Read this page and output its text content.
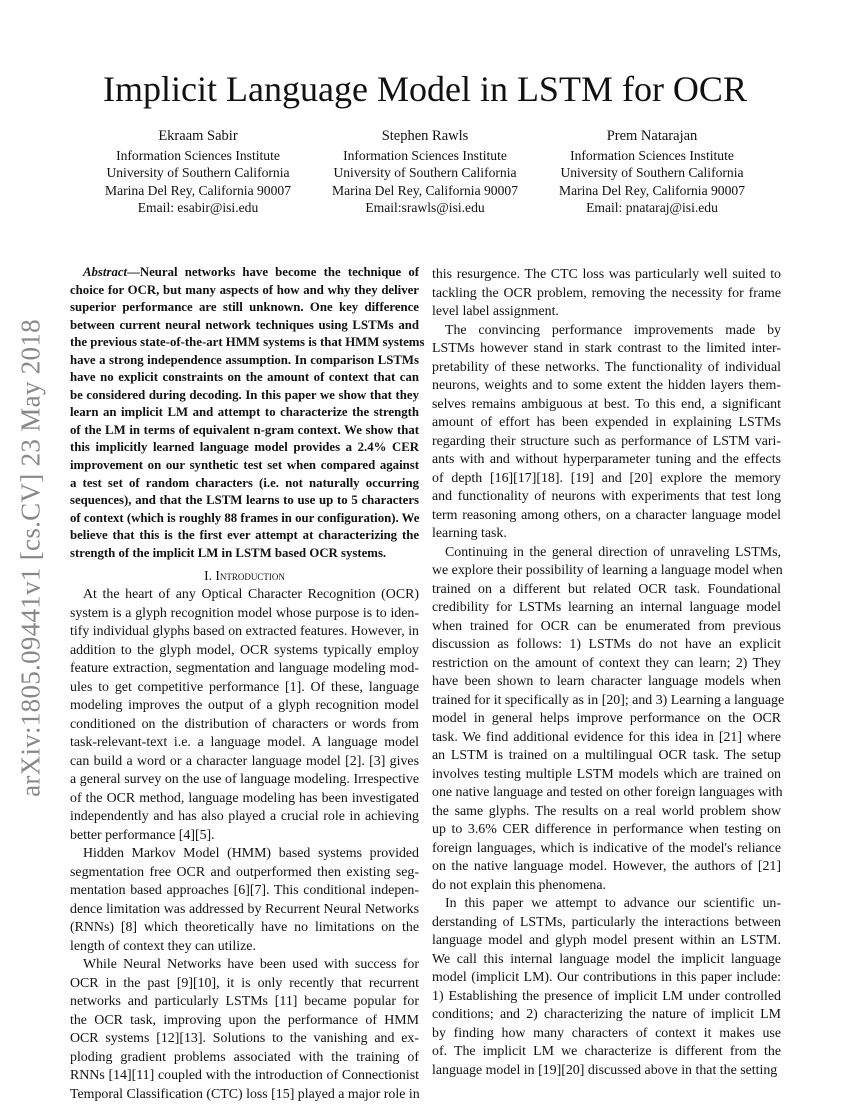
Implicit Language Model in LSTM for OCR
Ekraam Sabir
Information Sciences Institute
University of Southern California
Marina Del Rey, California 90007
Email: esabir@isi.edu
Stephen Rawls
Information Sciences Institute
University of Southern California
Marina Del Rey, California 90007
Email:srawls@isi.edu
Prem Natarajan
Information Sciences Institute
University of Southern California
Marina Del Rey, California 90007
Email: pnataraj@isi.edu
arXiv:1805.09441v1 [cs.CV] 23 May 2018
Abstract—Neural networks have become the technique of
choice for OCR, but many aspects of how and why they deliver
superior performance are still unknown. One key difference
between current neural network techniques using LSTMs and
the previous state-of-the-art HMM systems is that HMM systems
have a strong independence assumption. In comparison LSTMs
have no explicit constraints on the amount of context that can
be considered during decoding. In this paper we show that they
learn an implicit LM and attempt to characterize the strength
of the LM in terms of equivalent n-gram context. We show that
this implicitly learned language model provides a 2.4% CER
improvement on our synthetic test set when compared against
a test set of random characters (i.e. not naturally occurring
sequences), and that the LSTM learns to use up to 5 characters
of context (which is roughly 88 frames in our configuration). We
believe that this is the first ever attempt at characterizing the
strength of the implicit LM in LSTM based OCR systems.
I. Introduction
At the heart of any Optical Character Recognition (OCR)
system is a glyph recognition model whose purpose is to iden-
tify individual glyphs based on extracted features. However, in
addition to the glyph model, OCR systems typically employ
feature extraction, segmentation and language modeling mod-
ules to get competitive performance [1]. Of these, language
modeling improves the output of a glyph recognition model
conditioned on the distribution of characters or words from
task-relevant-text i.e. a language model. A language model
can build a word or a character language model [2]. [3] gives
a general survey on the use of language modeling. Irrespective
of the OCR method, language modeling has been investigated
independently and has also played a crucial role in achieving
better performance [4][5].
Hidden Markov Model (HMM) based systems provided
segmentation free OCR and outperformed then existing seg-
mentation based approaches [6][7]. This conditional indepen-
dence limitation was addressed by Recurrent Neural Networks
(RNNs) [8] which theoretically have no limitations on the
length of context they can utilize.
While Neural Networks have been used with success for
OCR in the past [9][10], it is only recently that recurrent
networks and particularly LSTMs [11] became popular for
the OCR task, improving upon the performance of HMM
OCR systems [12][13]. Solutions to the vanishing and ex-
ploding gradient problems associated with the training of
RNNs [14][11] coupled with the introduction of Connectionist
Temporal Classification (CTC) loss [15] played a major role in
this resurgence. The CTC loss was particularly well suited to
tackling the OCR problem, removing the necessity for frame
level label assignment.
The convincing performance improvements made by
LSTMs however stand in stark contrast to the limited inter-
pretability of these networks. The functionality of individual
neurons, weights and to some extent the hidden layers them-
selves remains ambiguous at best. To this end, a significant
amount of effort has been expended in explaining LSTMs
regarding their structure such as performance of LSTM vari-
ants with and without hyperparameter tuning and the effects
of depth [16][17][18]. [19] and [20] explore the memory
and functionality of neurons with experiments that test long
term reasoning among others, on a character language model
learning task.
Continuing in the general direction of unraveling LSTMs,
we explore their possibility of learning a language model when
trained on a different but related OCR task. Foundational
credibility for LSTMs learning an internal language model
when trained for OCR can be enumerated from previous
discussion as follows: 1) LSTMs do not have an explicit
restriction on the amount of context they can learn; 2) They
have been shown to learn character language models when
trained for it specifically as in [20]; and 3) Learning a language
model in general helps improve performance on the OCR
task. We find additional evidence for this idea in [21] where
an LSTM is trained on a multilingual OCR task. The setup
involves testing multiple LSTM models which are trained on
one native language and tested on other foreign languages with
the same glyphs. The results on a real world problem show
up to 3.6% CER difference in performance when testing on
foreign languages, which is indicative of the model's reliance
on the native language model. However, the authors of [21]
do not explain this phenomena.
In this paper we attempt to advance our scientific un-
derstanding of LSTMs, particularly the interactions between
language model and glyph model present within an LSTM.
We call this internal language model the implicit language
model (implicit LM). Our contributions in this paper include:
1) Establishing the presence of implicit LM under controlled
conditions; and 2) characterizing the nature of implicit LM
by finding how many characters of context it makes use
of. The implicit LM we characterize is different from the
language model in [19][20] discussed above in that the setting
